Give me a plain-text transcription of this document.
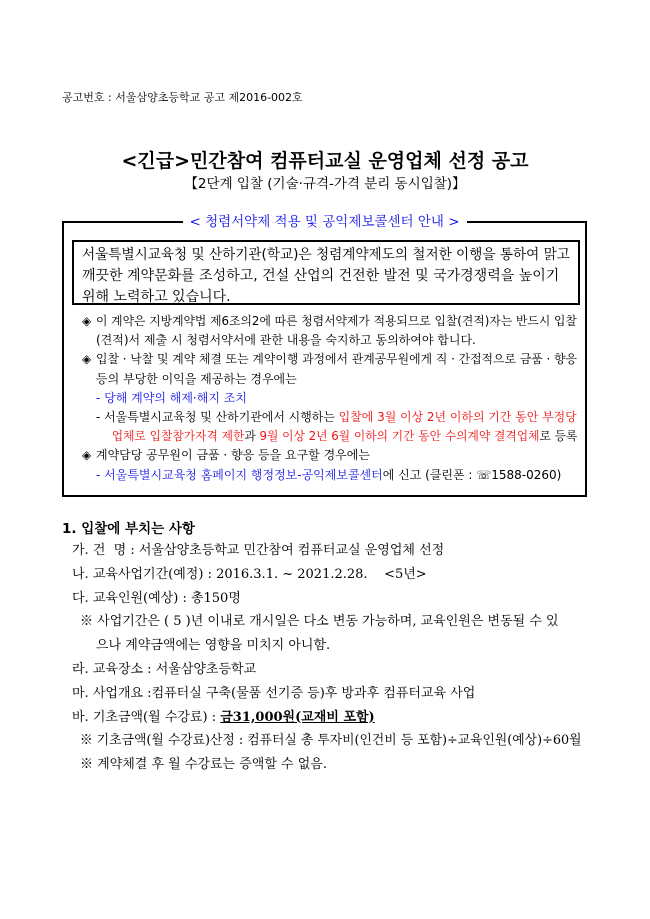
공고번호 : 서울삼양초등학교 공고 제2016-002호
<긴급>민간참여 컴퓨터교실 운영업체 선정 공고
【2단계 입찰 (기술·규격-가격 분리 동시입찰)】
< 청렴서약제 적용 및 공익제보콜센터 안내 >
서울특별시교육청 및 산하기관(학교)은 청렴계약제도의 철저한 이행을 통하여 맑고
깨끗한 계약문화를 조성하고, 건설 산업의 건전한 발전 및 국가경쟁력을 높이기
위해 노력하고 있습니다.
◈ 이 계약은 지방계약법 제6조의2에 따른 청렴서약제가 적용되므로 입찰(견적)자는 반드시 입찰
(견적)서 제출 시 청렴서약서에 관한 내용을 숙지하고 동의하여야 합니다.
◈ 입찰 · 낙찰 및 계약 체결 또는 계약이행 과정에서 관계공무원에게 직 · 간접적으로 금품 · 향응
등의 부당한 이익을 제공하는 경우에는
- 당해 계약의 해제·해지 조치
- 서울특별시교육청 및 산하기관에서 시행하는 입찰에 3월 이상 2년 이하의 기간 동안 부정당
업체로 입찰참가자격 제한과 9월 이상 2년 6월 이하의 기간 동안 수의계약 결격업체로 등록
◈ 계약담당 공무원이 금품 · 향응 등을 요구할 경우에는
- 서울특별시교육청 홈페이지 행정정보-공익제보콜센터에 신고 (클린폰 : ☏1588-0260)
1. 입찰에 부치는 사항
가. 건  명 : 서울삼양초등학교 민간참여 컴퓨터교실 운영업체 선정
나. 교육사업기간(예정) : 2016.3.1. ~ 2021.2.28.    <5년>
다. 교육인원(예상) : 총150명
※ 사업기간은 ( 5 )년 이내로 개시일은 다소 변동 가능하며, 교육인원은 변동될 수 있
으나 계약금액에는 영향을 미치지 아니함.
라. 교육장소 : 서울삼양초등학교
마. 사업개요 :컴퓨터실 구축(물품 선기증 등)후 방과후 컴퓨터교육 사업
바. 기초금액(월 수강료) : 금31,000원(교재비 포함)
※ 기초금액(월 수강료)산정 : 컴퓨터실 총 투자비(인건비 등 포함)÷교육인원(예상)÷60월
※ 계약체결 후 월 수강료는 증액할 수 없음.
